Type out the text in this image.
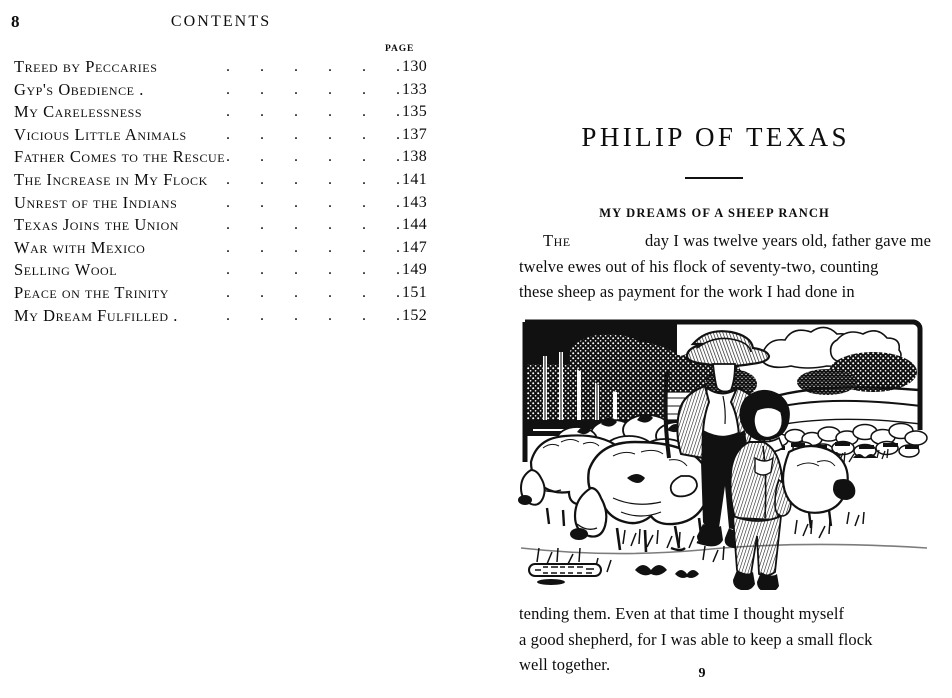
8	CONTENTS
PAGE
Treed by Peccaries	. . . . . . 130
Gyp's Obedience .	. . . . . . 133
My Carelessness	. . . . . . 135
Vicious Little Animals	. . . . . . 137
Father Comes to the Rescue . . . . . . 138
The Increase in My Flock	. . . . . . 141
Unrest of the Indians	. . . . . . 143
Texas Joins the Union	. . . . . . 144
War with Mexico	. . . . . . 147
Selling Wool	. . . . . . 149
Peace on the Trinity	. . . . . . 151
My Dream Fulfilled .	. . . . . . 152
PHILIP OF TEXAS
MY DREAMS OF A SHEEP RANCH
The	day I was twelve years old, father gave me
twelve ewes out of his flock of seventy-two, counting
these sheep as payment for the work I had done in
tending them. Even at that time I thought myself
a good shepherd, for I was able to keep a small flock
well together.	9
